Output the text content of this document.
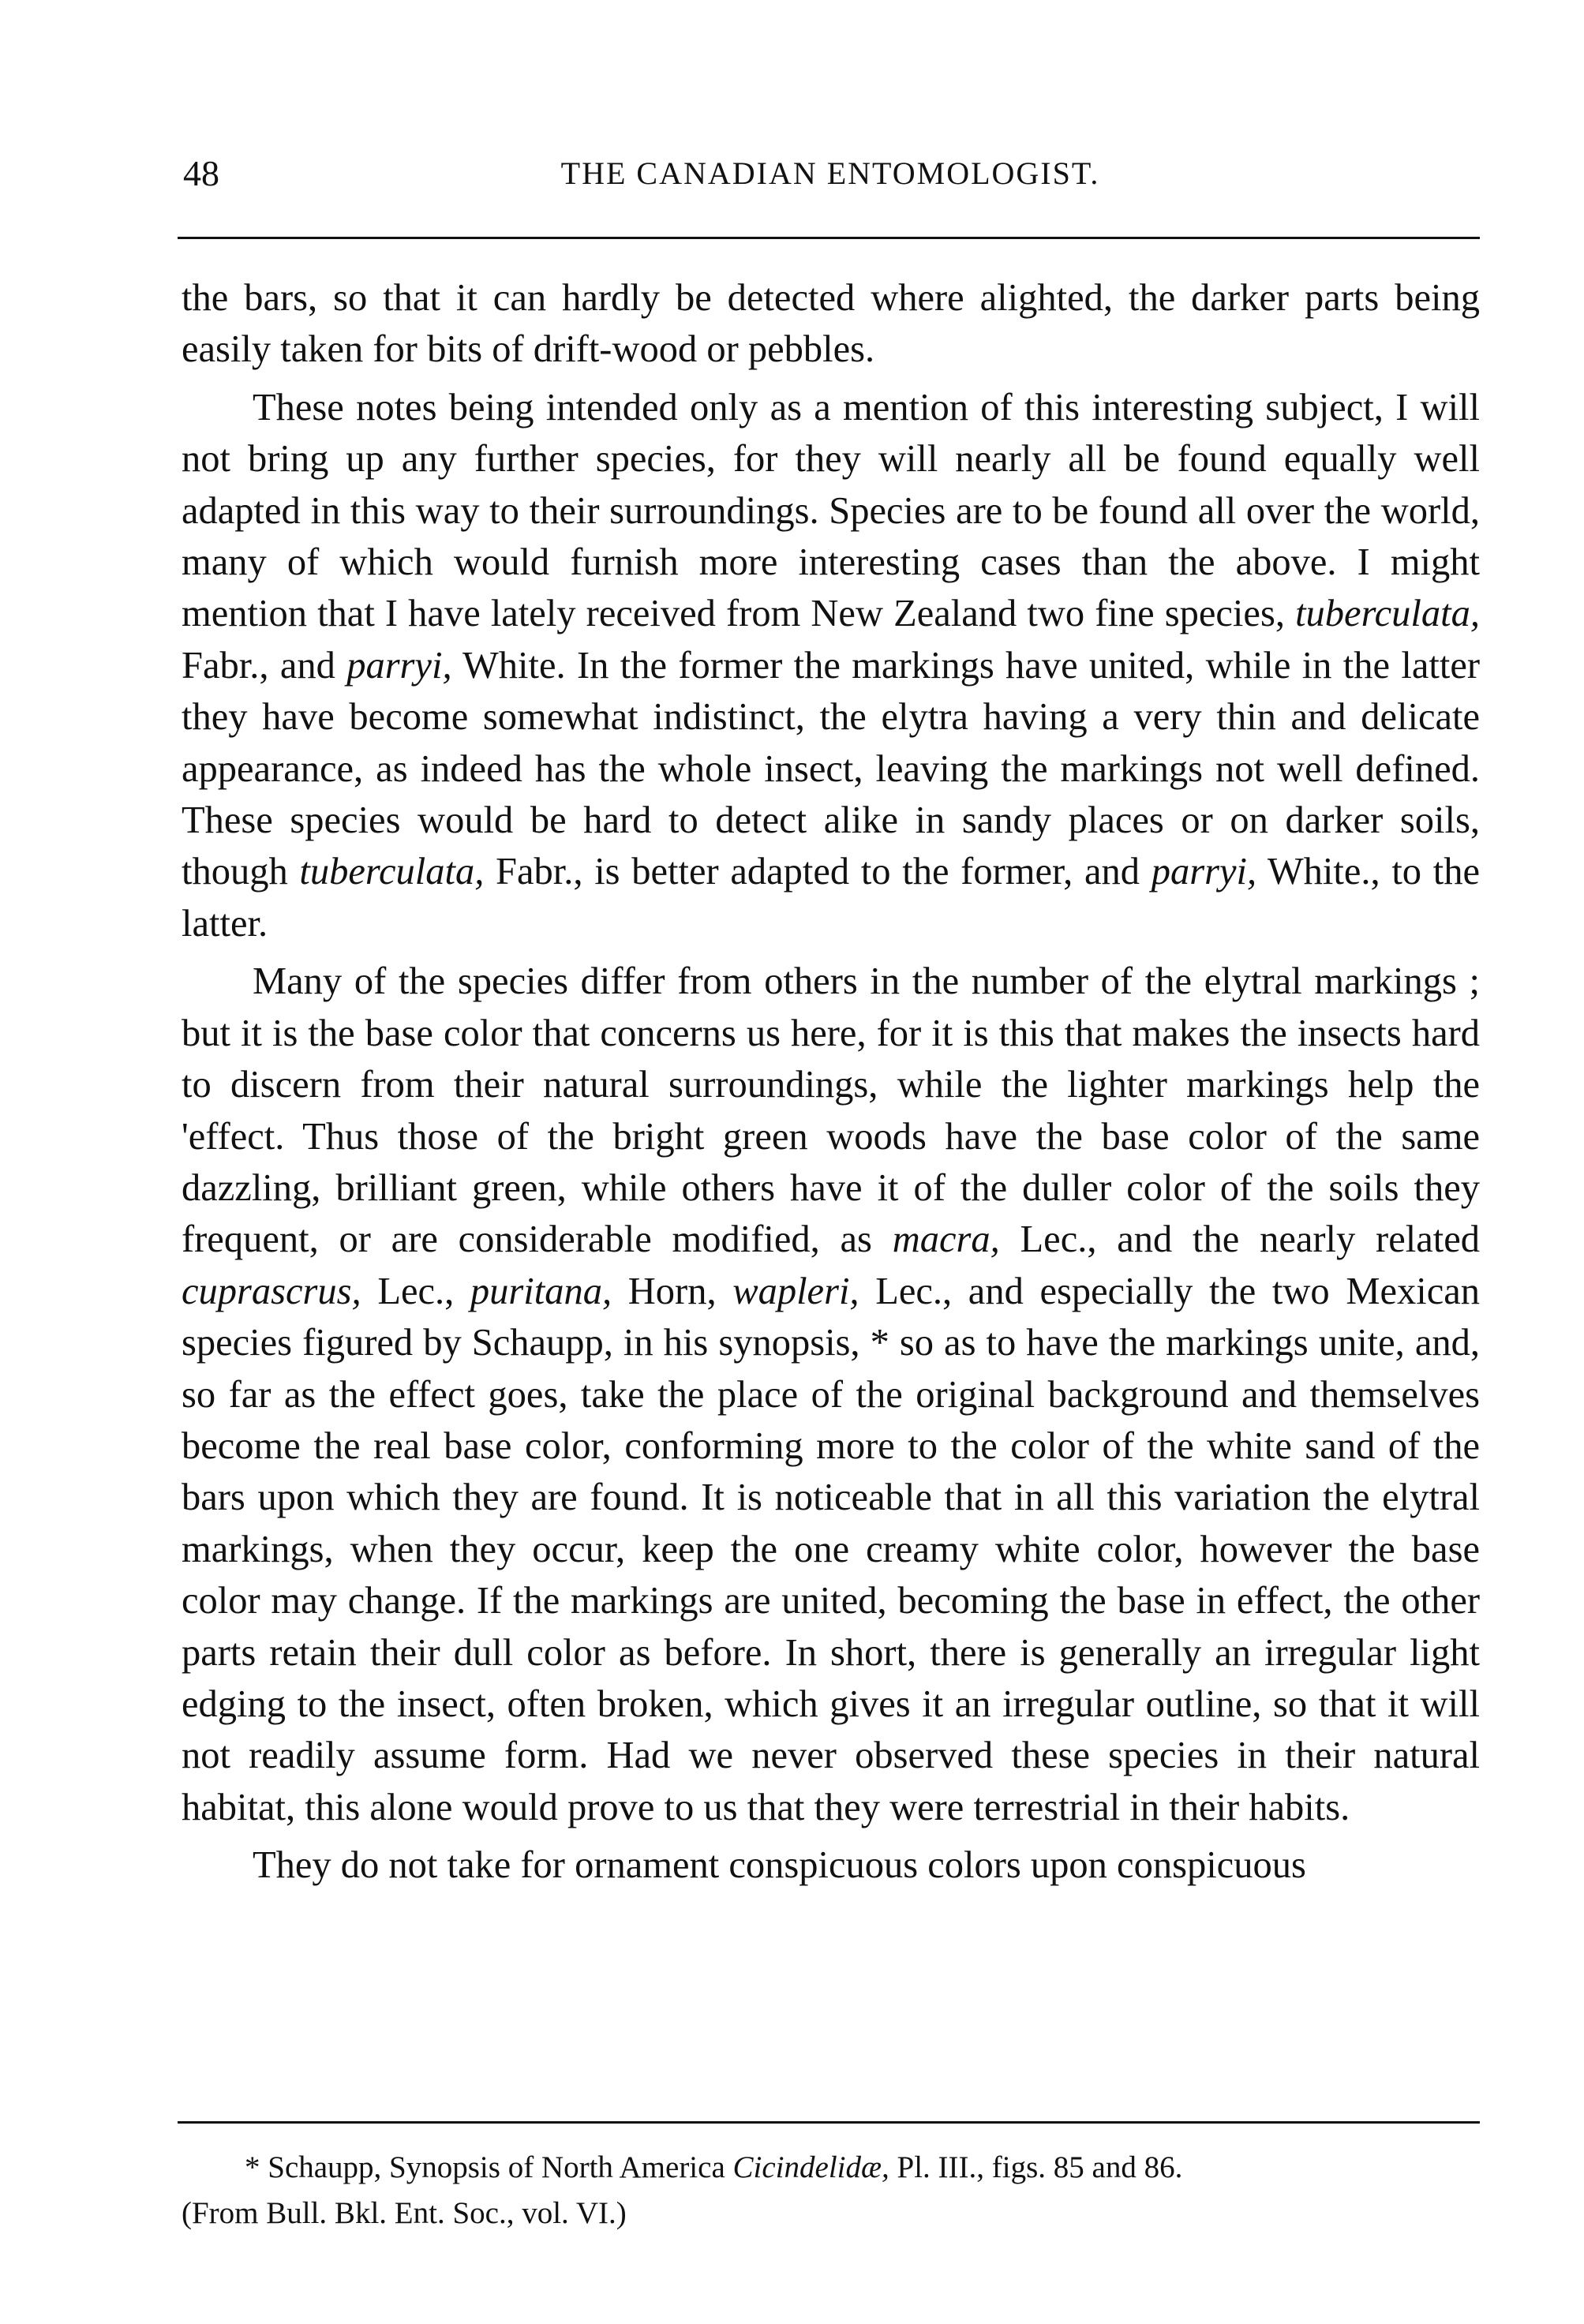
48	THE CANADIAN ENTOMOLOGIST.

the bars, so that it can hardly be detected where alighted, the darker parts being easily taken for bits of drift-wood or pebbles.

These notes being intended only as a mention of this interesting subject, I will not bring up any further species, for they will nearly all be found equally well adapted in this way to their surroundings. Species are to be found all over the world, many of which would furnish more interesting cases than the above. I might mention that I have lately received from New Zealand two fine species, tuberculata, Fabr., and parryi, White. In the former the markings have united, while in the latter they have become somewhat indistinct, the elytra having a very thin and delicate appearance, as indeed has the whole insect, leaving the markings not well defined. These species would be hard to detect alike in sandy places or on darker soils, though tuberculata, Fabr., is better adapted to the former, and parryi, White., to the latter.

Many of the species differ from others in the number of the elytral markings ; but it is the base color that concerns us here, for it is this that makes the insects hard to discern from their natural surroundings, while the lighter markings help the 'effect. Thus those of the bright green woods have the base color of the same dazzling, brilliant green, while others have it of the duller color of the soils they frequent, or are considerable modified, as macra, Lec., and the nearly related cuprascrus, Lec., puritana, Horn, wapleri, Lec., and especially the two Mexican species figured by Schaupp, in his synopsis, * so as to have the markings unite, and, so far as the effect goes, take the place of the original background and themselves become the real base color, conforming more to the color of the white sand of the bars upon which they are found. It is noticeable that in all this variation the elytral markings, when they occur, keep the one creamy white color, however the base color may change. If the markings are united, becoming the base in effect, the other parts retain their dull color as before. In short, there is generally an irregular light edging to the insect, often broken, which gives it an irregular outline, so that it will not readily assume form. Had we never observed these species in their natural habitat, this alone would prove to us that they were terrestrial in their habits.

They do not take for ornament conspicuous colors upon conspicuous

* Schaupp, Synopsis of North America Cicindelidæ, Pl. III., figs. 85 and 86.

(From Bull. Bkl. Ent. Soc., vol. VI.)
